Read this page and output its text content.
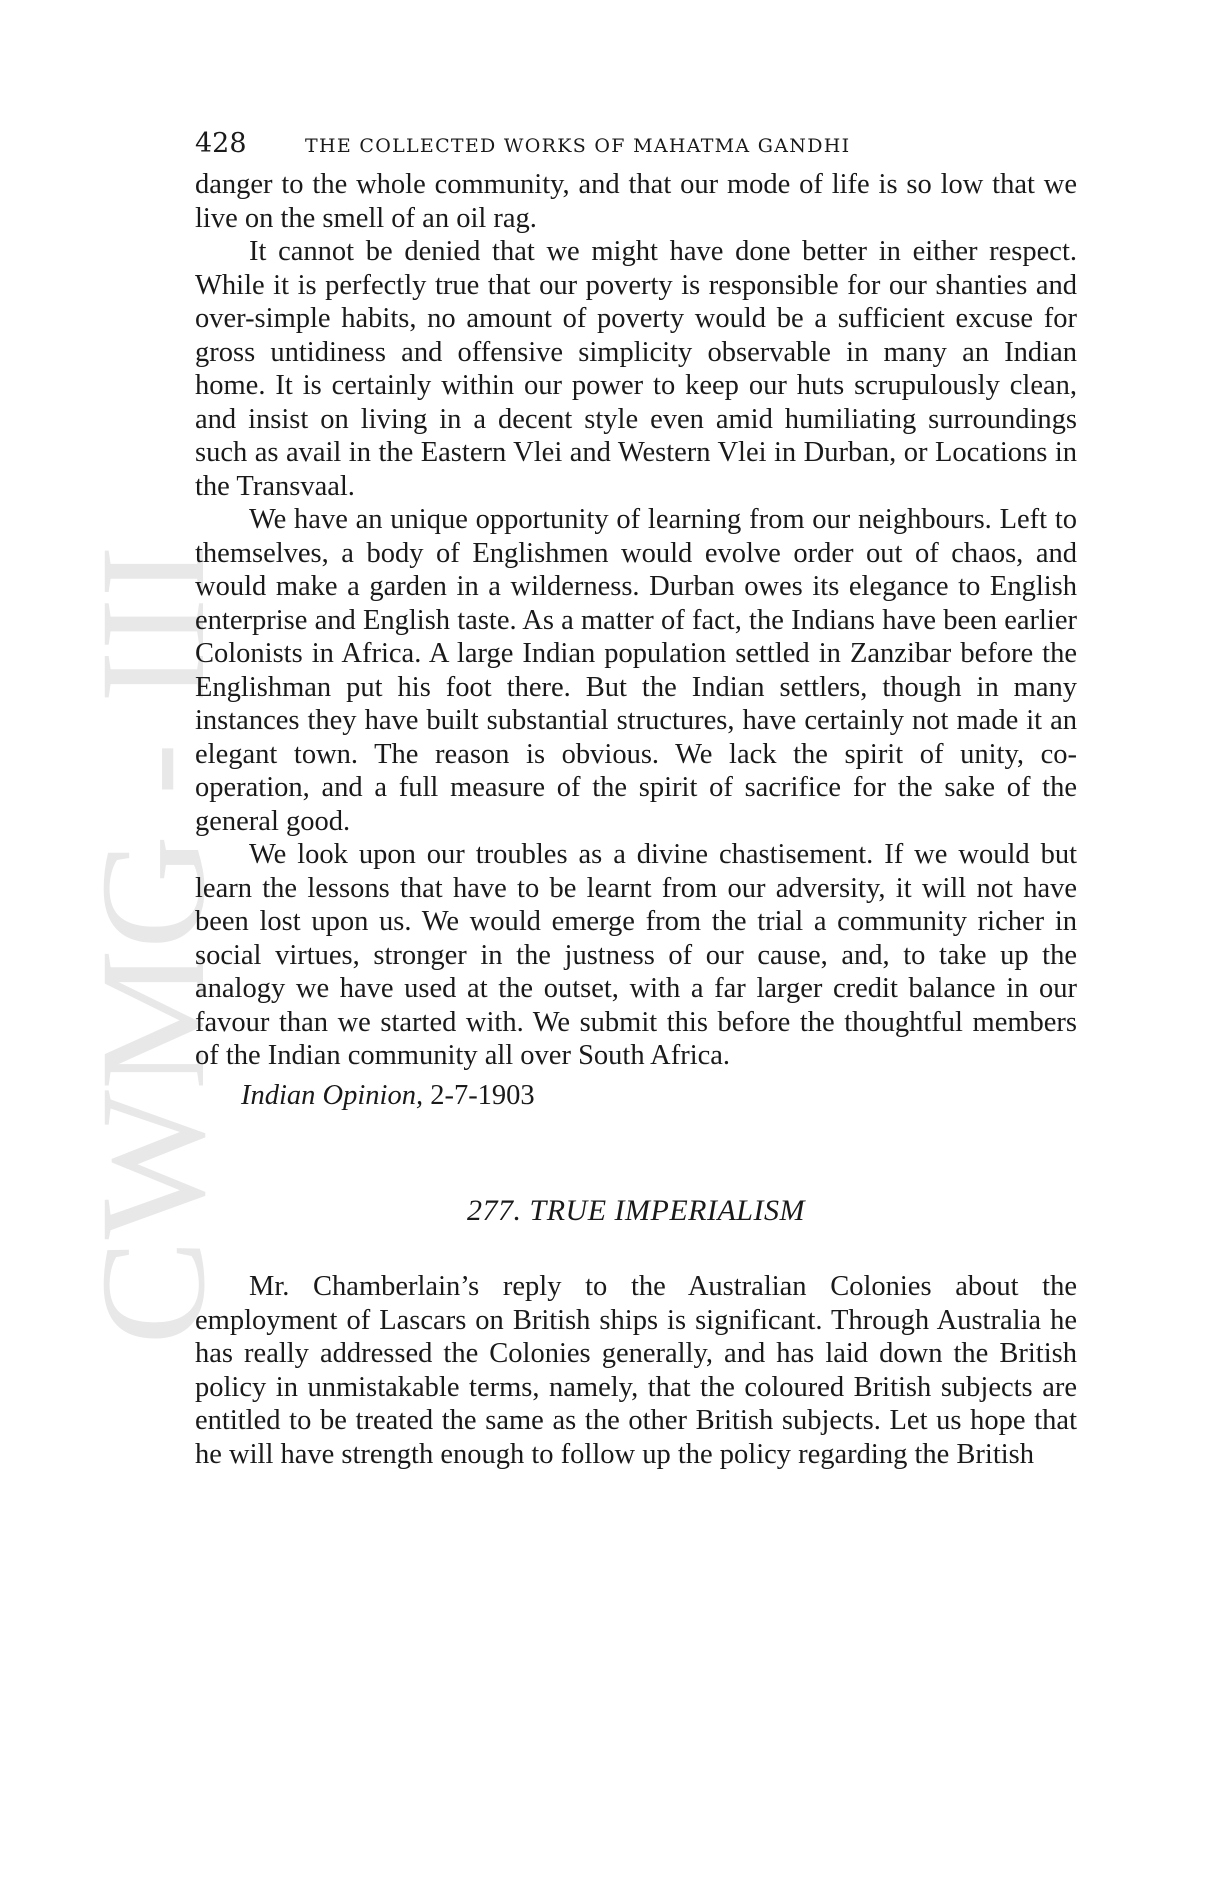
CWMG - III
428	THE COLLECTED WORKS OF MAHATMA GANDHI

danger to the whole community, and that our mode of life is so low that we live on the smell of an oil rag.

It cannot be denied that we might have done better in either respect. While it is perfectly true that our poverty is responsible for our shanties and over-simple habits, no amount of poverty would be a sufficient excuse for gross untidiness and offensive simplicity observable in many an Indian home. It is certainly within our power to keep our huts scrupulously clean, and insist on living in a decent style even amid humiliating surroundings such as avail in the Eastern Vlei and Western Vlei in Durban, or Locations in the Transvaal.

We have an unique opportunity of learning from our neighbours. Left to themselves, a body of Englishmen would evolve order out of chaos, and would make a garden in a wilderness. Durban owes its elegance to English enterprise and English taste. As a matter of fact, the Indians have been earlier Colonists in Africa. A large Indian population settled in Zanzibar before the Englishman put his foot there. But the Indian settlers, though in many instances they have built substantial structures, have certainly not made it an elegant town. The reason is obvious. We lack the spirit of unity, co-operation, and a full measure of the spirit of sacrifice for the sake of the general good.

We look upon our troubles as a divine chastisement. If we would but learn the lessons that have to be learnt from our adversity, it will not have been lost upon us. We would emerge from the trial a community richer in social virtues, stronger in the justness of our cause, and, to take up the analogy we have used at the outset, with a far larger credit balance in our favour than we started with. We submit this before the thoughtful members of the Indian community all over South Africa.

Indian Opinion, 2-7-1903
277. TRUE IMPERIALISM

Mr. Chamberlain’s reply to the Australian Colonies about the employment of Lascars on British ships is significant. Through Australia he has really addressed the Colonies generally, and has laid down the British policy in unmistakable terms, namely, that the coloured British subjects are entitled to be treated the same as the other British subjects. Let us hope that he will have strength enough to follow up the policy regarding the British
